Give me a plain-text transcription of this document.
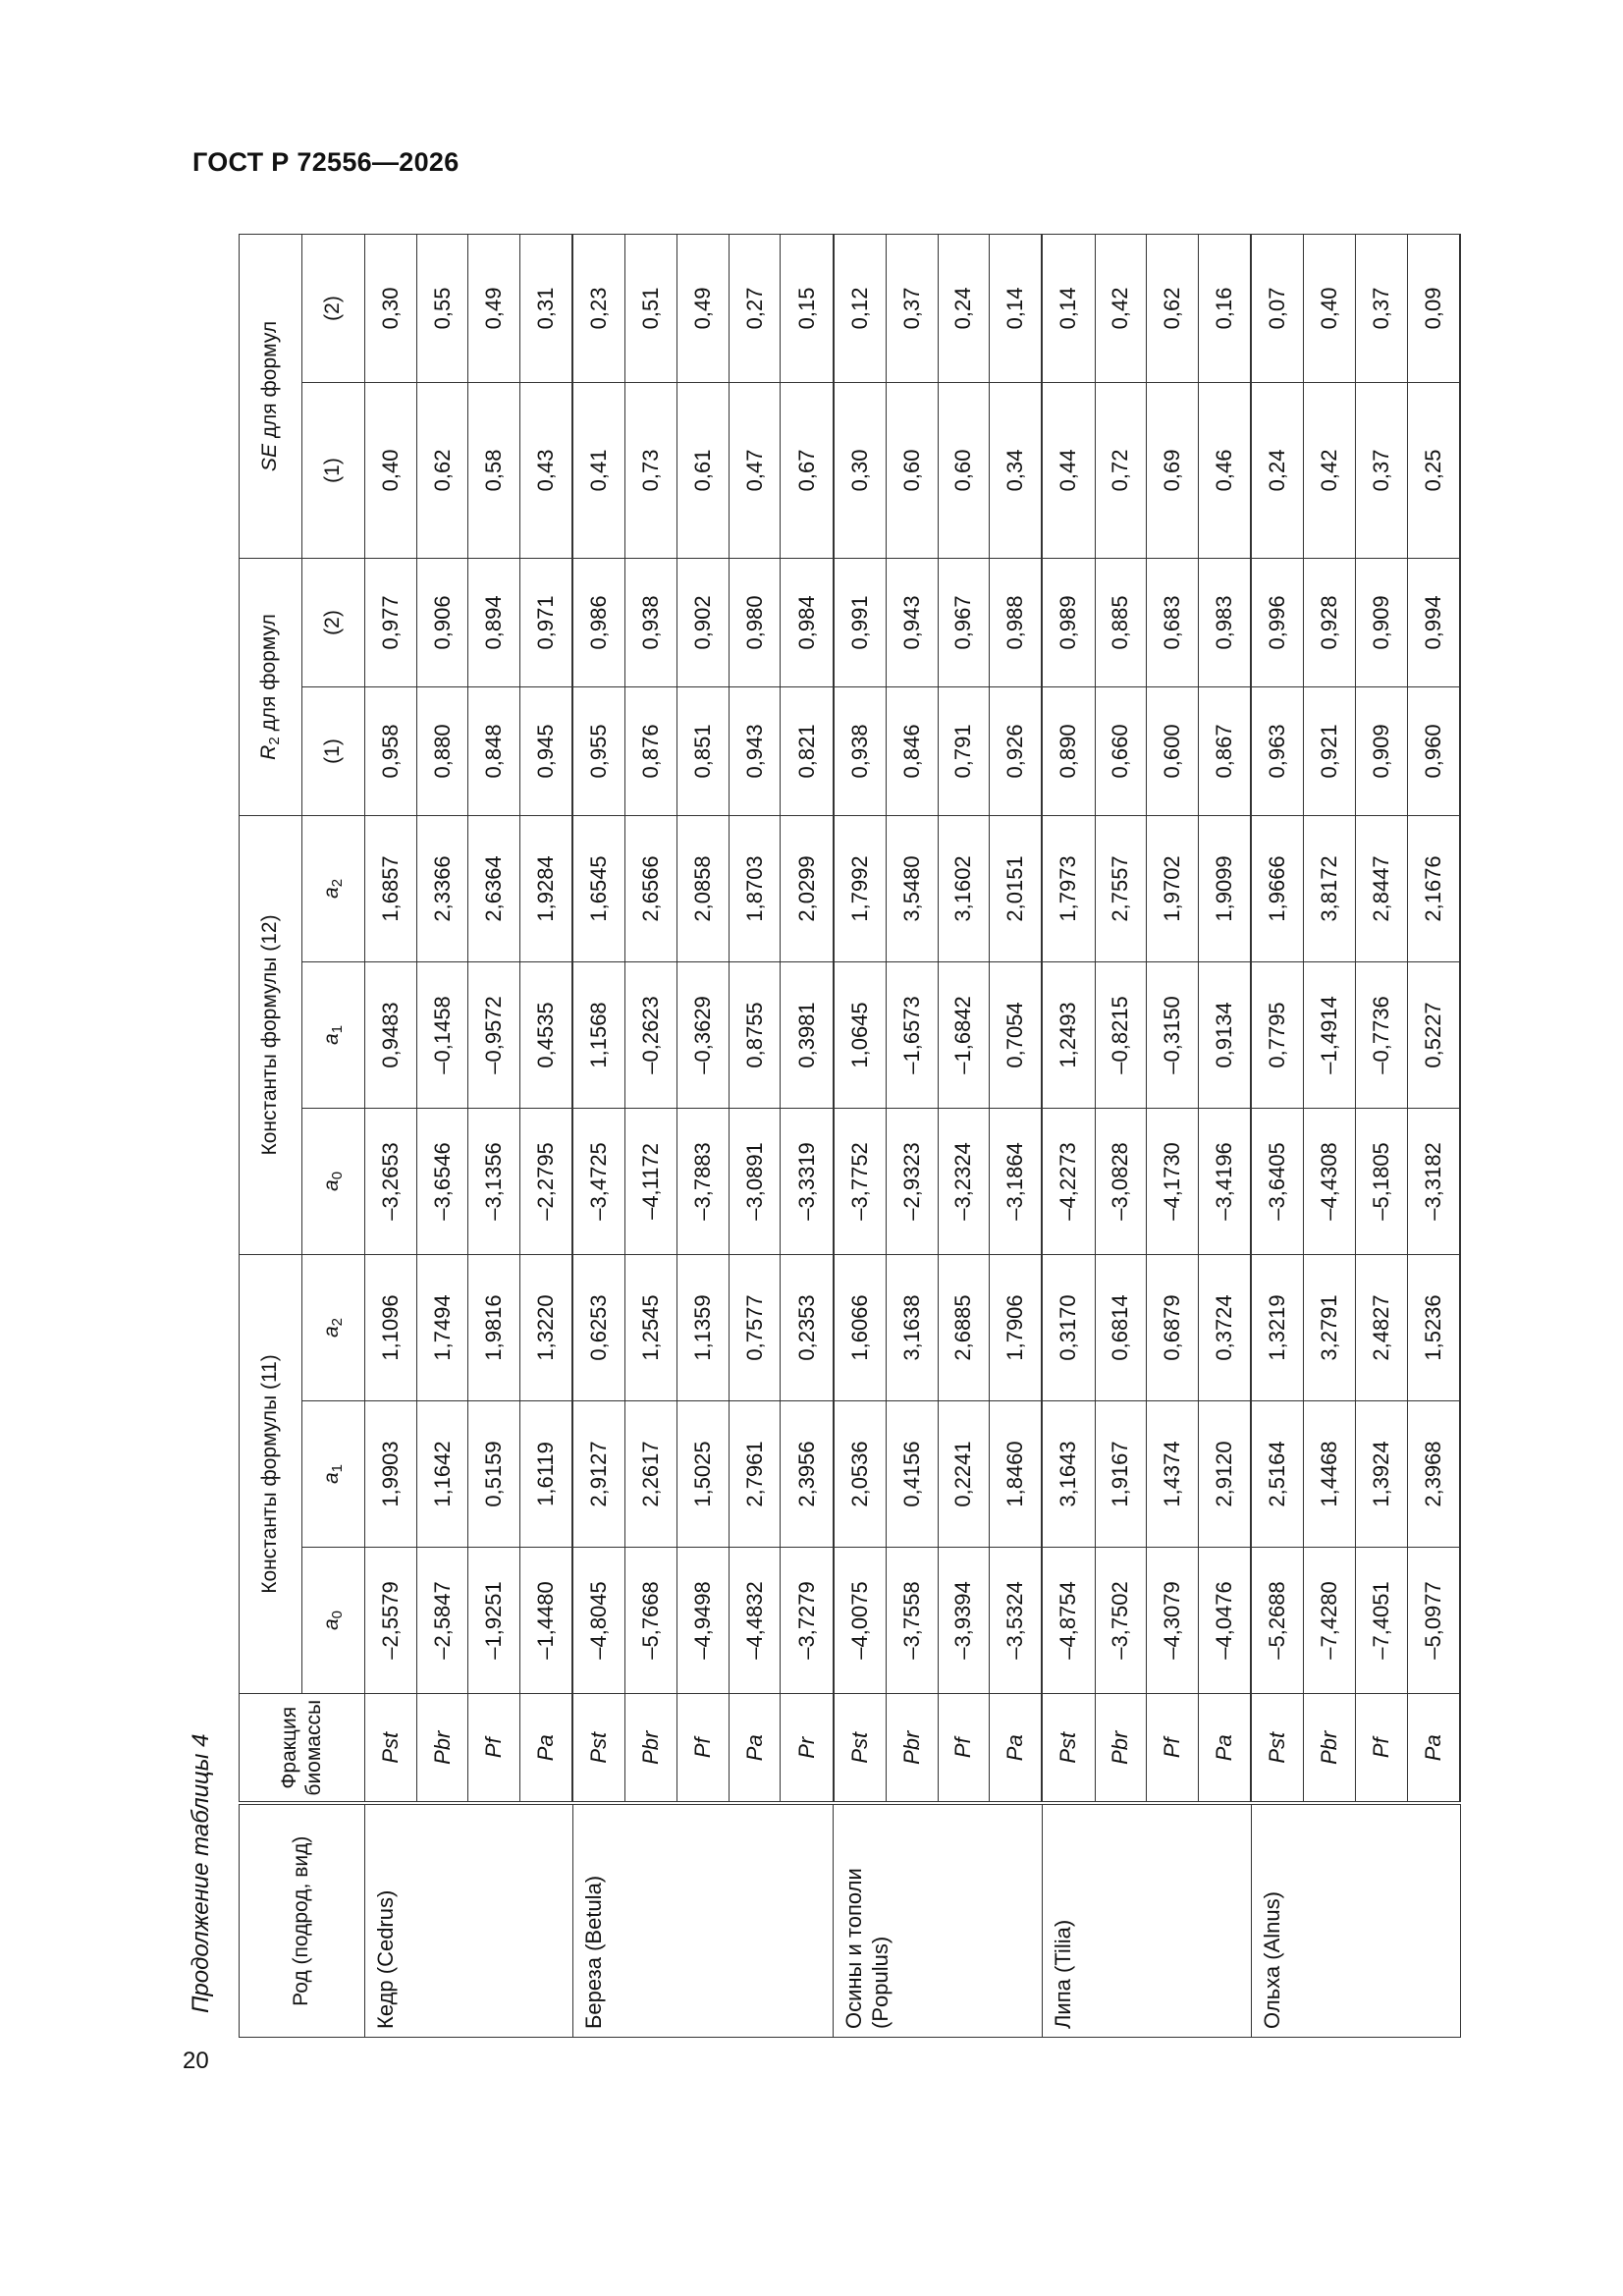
ГОСТ Р 72556—2026
20
Продолжение таблицы 4	Род (подрод, вид)	Фракция биомассы	Константы формулы (11)			Константы формулы (12)			$R_2$ для формул		SE для формул	
		$a_0$	$a_1$	$a_2$	$a_0$	$a_1$	$a_2$	(1)	(2)	(1)	(2)
Кедр (Cedrus)	Pst	–2,5579	1,9903	1,1096	–3,2653	0,9483	1,6857	0,958	0,977	0,40	0,30
	Pbr	–2,5847	1,1642	1,7494	–3,6546	–0,1458	2,3366	0,880	0,906	0,62	0,55
	Pf	–1,9251	0,5159	1,9816	–3,1356	–0,9572	2,6364	0,848	0,894	0,58	0,49
	Pa	–1,4480	1,6119	1,3220	–2,2795	0,4535	1,9284	0,945	0,971	0,43	0,31
Береза (Betula)	Pst	–4,8045	2,9127	0,6253	–3,4725	1,1568	1,6545	0,955	0,986	0,41	0,23
	Pbr	–5,7668	2,2617	1,2545	–4,1172	–0,2623	2,6566	0,876	0,938	0,73	0,51
	Pf	–4,9498	1,5025	1,1359	–3,7883	–0,3629	2,0858	0,851	0,902	0,61	0,49
	Pa	–4,4832	2,7961	0,7577	–3,0891	0,8755	1,8703	0,943	0,980	0,47	0,27
	Pr	–3,7279	2,3956	0,2353	–3,3319	0,3981	2,0299	0,821	0,984	0,67	0,15
Осины и тополи (Populus)	Pst	–4,0075	2,0536	1,6066	–3,7752	1,0645	1,7992	0,938	0,991	0,30	0,12
	Pbr	–3,7558	0,4156	3,1638	–2,9323	–1,6573	3,5480	0,846	0,943	0,60	0,37
	Pf	–3,9394	0,2241	2,6885	–3,2324	–1,6842	3,1602	0,791	0,967	0,60	0,24
	Pa	–3,5324	1,8460	1,7906	–3,1864	0,7054	2,0151	0,926	0,988	0,34	0,14
Липа (Tilia)	Pst	–4,8754	3,1643	0,3170	–4,2273	1,2493	1,7973	0,890	0,989	0,44	0,14
	Pbr	–3,7502	1,9167	0,6814	–3,0828	–0,8215	2,7557	0,660	0,885	0,72	0,42
	Pf	–4,3079	1,4374	0,6879	–4,1730	–0,3150	1,9702	0,600	0,683	0,69	0,62
	Pa	–4,0476	2,9120	0,3724	–3,4196	0,9134	1,9099	0,867	0,983	0,46	0,16
Ольха (Alnus)	Pst	–5,2688	2,5164	1,3219	–3,6405	0,7795	1,9666	0,963	0,996	0,24	0,07
	Pbr	–7,4280	1,4468	3,2791	–4,4308	–1,4914	3,8172	0,921	0,928	0,42	0,40
	Pf	–7,4051	1,3924	2,4827	–5,1805	–0,7736	2,8447	0,909	0,909	0,37	0,37
	Pa	–5,0977	2,3968	1,5236	–3,3182	0,5227	2,1676	0,960	0,994	0,25	0,09
